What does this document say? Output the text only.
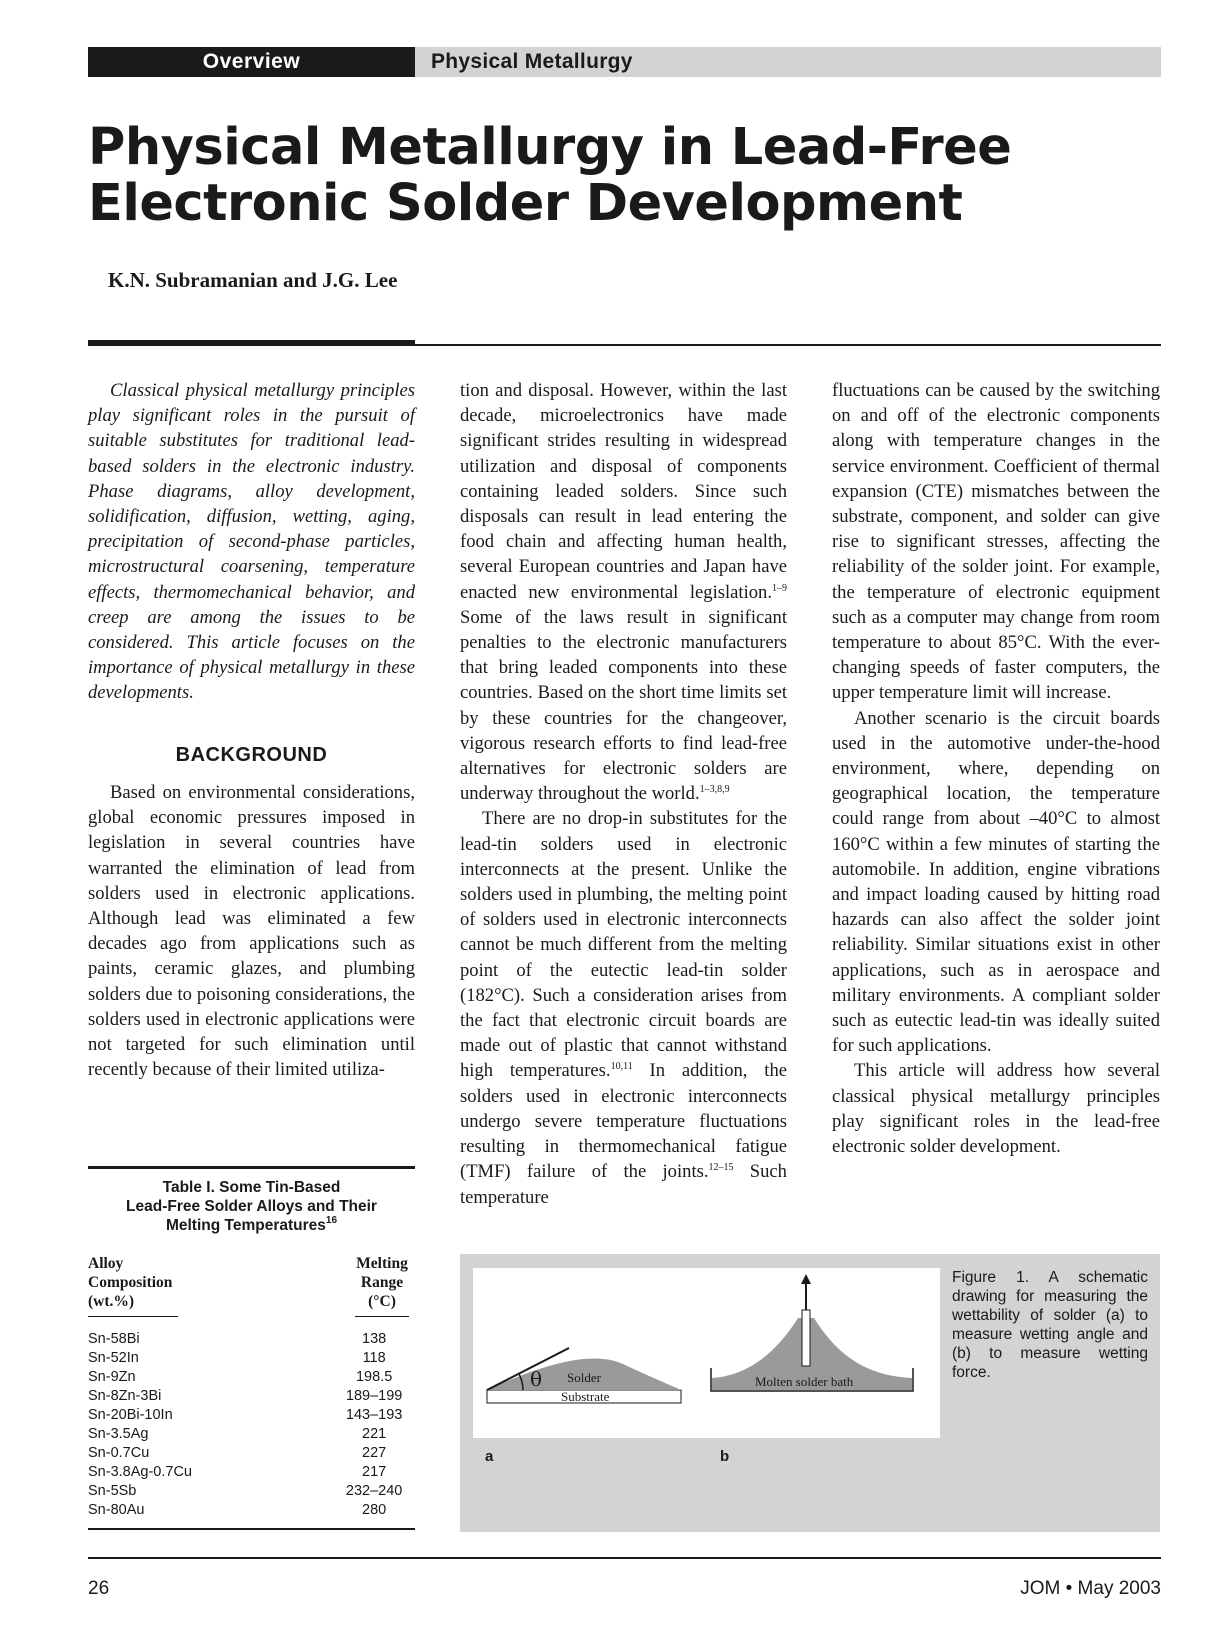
Overview	Physical Metallurgy
Physical Metallurgy in Lead-Free
Electronic Solder Development
K.N. Subramanian and J.G. Lee
Classical physical metallurgy principles play significant roles in the pursuit of suitable substitutes for traditional lead-based solders in the electronic industry. Phase diagrams, alloy development, solidification, diffusion, wetting, aging, precipitation of second-phase particles, microstructural coarsening, temperature effects, thermomechanical behavior, and creep are among the issues to be considered. This article focuses on the importance of physical metallurgy in these developments.
BACKGROUND

Based on environmental considerations, global economic pressures imposed in legislation in several countries have warranted the elimination of lead from solders used in electronic applications. Although lead was eliminated a few decades ago from applications such as paints, ceramic glazes, and plumbing solders due to poisoning considerations, the solders used in electronic applications were not targeted for such elimination until recently because of their limited utiliza-

tion and disposal. However, within the last decade, microelectronics have made significant strides resulting in widespread utilization and disposal of components containing leaded solders. Since such disposals can result in lead entering the food chain and affecting human health, several European countries and Japan have enacted new environmental legislation.$^{1-9}$ Some of the laws result in significant penalties to the electronic manufacturers that bring leaded components into these countries. Based on the short time limits set by these countries for the changeover, vigorous research efforts to find lead-free alternatives for electronic solders are underway throughout the world.$^{1-3,8,9}$

There are no drop-in substitutes for the lead-tin solders used in electronic interconnects at the present. Unlike the solders used in plumbing, the melting point of solders used in electronic interconnects cannot be much different from the melting point of the eutectic lead-tin solder (182°C). Such a consideration arises from the fact that electronic circuit boards are made out of plastic that cannot withstand high temperatures.$^{10,11}$ In addition, the solders used in electronic interconnects undergo severe temperature fluctuations resulting in thermomechanical fatigue (TMF) failure of the joints.$^{12-15}$ Such temperature

fluctuations can be caused by the switching on and off of the electronic components along with temperature changes in the service environment. Coefficient of thermal expansion (CTE) mismatches between the substrate, component, and solder can give rise to significant stresses, affecting the reliability of the solder joint. For example, the temperature of electronic equipment such as a computer may change from room temperature to about 85°C. With the ever-changing speeds of faster computers, the upper temperature limit will increase.

Another scenario is the circuit boards used in the automotive under-the-hood environment, where, depending on geographical location, the temperature could range from about –40°C to almost 160°C within a few minutes of starting the automobile. In addition, engine vibrations and impact loading caused by hitting road hazards can also affect the solder joint reliability. Similar situations exist in other applications, such as in aerospace and military environments. A compliant solder such as eutectic lead-tin was ideally suited for such applications.

This article will address how several classical physical metallurgy principles play significant roles in the lead-free electronic solder development.

Table I. Some Tin-Based
Lead-Free Solder Alloys and Their
Melting Temperatures$^{16}$
Alloy
Composition
(wt.%)
Melting
Range
(°C)
Sn-58Bi	138
Sn-52In	118
Sn-9Zn	198.5
Sn-8Zn-3Bi	189–199
Sn-20Bi-10In	143–193
Sn-3.5Ag	221
Sn-0.7Cu	227
Sn-3.8Ag-0.7Cu	217
Sn-5Sb	232–240
Sn-80Au	280
θ Solder
Substrate
Molten solder bath
Figure 1. A schematic drawing for measuring the wettability of solder (a) to measure wetting angle and (b) to measure wetting force.
a	b
26	JOM • May 2003
